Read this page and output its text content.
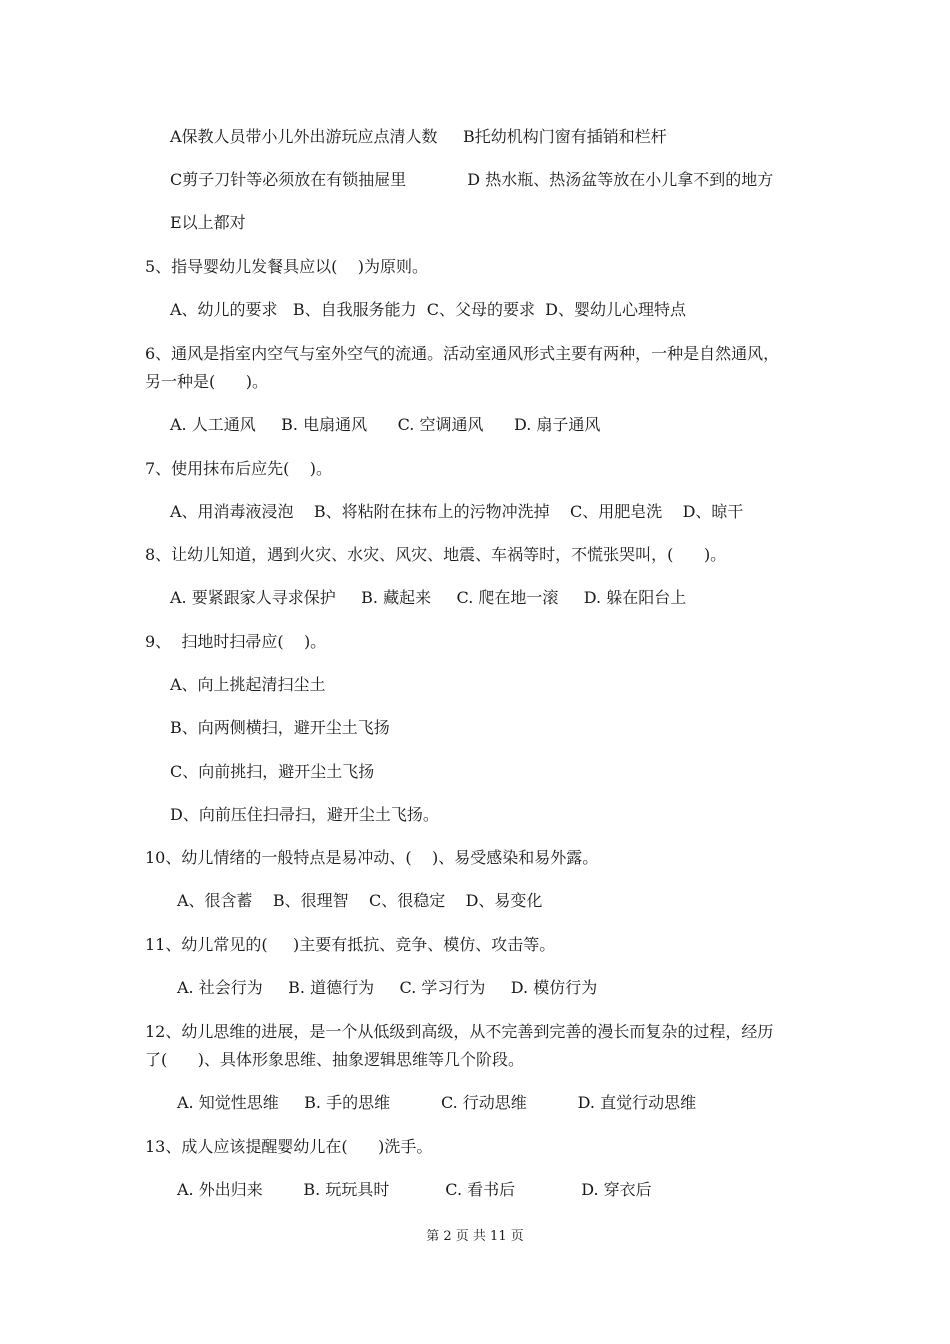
A保教人员带小儿外出游玩应点清人数     B托幼机构门窗有插销和栏杆
C剪子刀针等必须放在有锁抽屉里            D 热水瓶、热汤盆等放在小儿拿不到的地方
E以上都对
5、指导婴幼儿发餐具应以(    )为原则。
A、幼儿的要求   B、自我服务能力  C、父母的要求  D、婴幼儿心理特点
6、通风是指室内空气与室外空气的流通。活动室通风形式主要有两种，一种是自然通风，
另一种是(      )。
A. 人工通风     B. 电扇通风      C. 空调通风      D. 扇子通风
7、使用抹布后应先(    )。
A、用消毒液浸泡    B、将粘附在抹布上的污物冲洗掉    C、用肥皂洗    D、晾干
8、让幼儿知道，遇到火灾、水灾、风灾、地震、车祸等时，不慌张哭叫，(      )。
A. 要紧跟家人寻求保护     B. 藏起来     C. 爬在地一滚     D. 躲在阳台上
9、  扫地时扫帚应(    )。
A、向上挑起清扫尘土
B、向两侧横扫，避开尘土飞扬
C、向前挑扫，避开尘土飞扬
D、向前压住扫帚扫，避开尘土飞扬。
10、幼儿情绪的一般特点是易冲动、(    )、易受感染和易外露。
A、很含蓄    B、很理智    C、很稳定    D、易变化
11、幼儿常见的(     )主要有抵抗、竞争、模仿、攻击等。
A. 社会行为     B. 道德行为     C. 学习行为     D. 模仿行为
12、幼儿思维的进展，是一个从低级到高级，从不完善到完善的漫长而复杂的过程，经历
了(      )、具体形象思维、抽象逻辑思维等几个阶段。
A. 知觉性思维     B. 手的思维          C. 行动思维          D. 直觉行动思维
13、成人应该提醒婴幼儿在(      )洗手。
A. 外出归来        B. 玩玩具时           C. 看书后             D. 穿衣后
第 2 页 共 11 页
